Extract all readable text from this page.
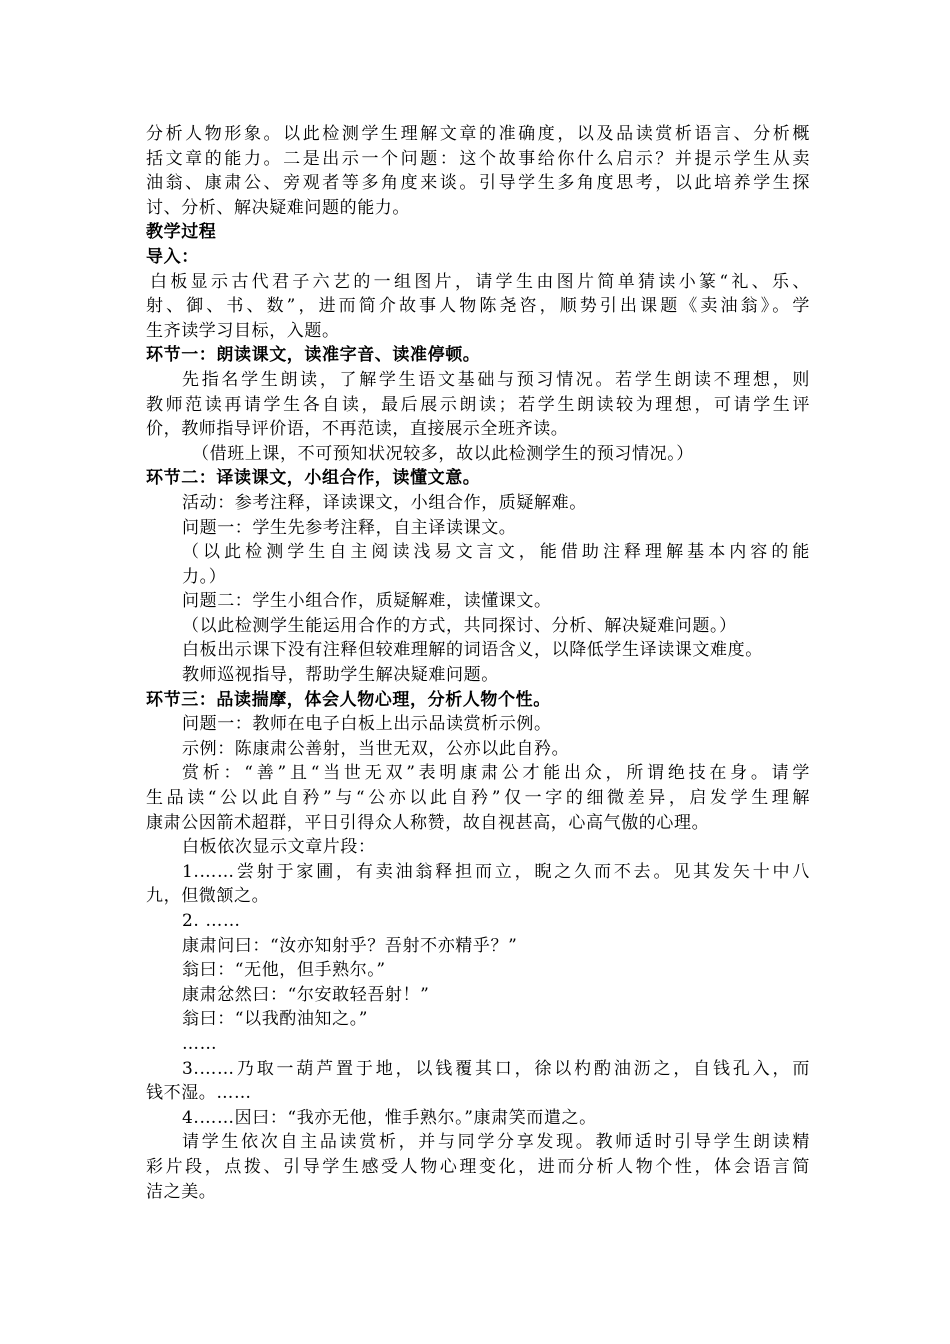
分析人物形象。以此检测学生理解文章的准确度，以及品读赏析语言、分析概
括文章的能力。二是出示一个问题：这个故事给你什么启示？并提示学生从卖
油翁、康肃公、旁观者等多角度来谈。引导学生多角度思考，以此培养学生探
讨、分析、解决疑难问题的能力。
教学过程
导入：
白板显示古代君子六艺的一组图片，请学生由图片简单猜读小篆“礼、乐、
射、御、书、数”，进而简介故事人物陈尧咨，顺势引出课题《卖油翁》。学
生齐读学习目标，入题。
环节一：朗读课文，读准字音、读准停顿。
先指名学生朗读，了解学生语文基础与预习情况。若学生朗读不理想，则
教师范读再请学生各自读，最后展示朗读；若学生朗读较为理想，可请学生评
价，教师指导评价语，不再范读，直接展示全班齐读。
（借班上课，不可预知状况较多，故以此检测学生的预习情况。）
环节二：译读课文，小组合作，读懂文意。
活动：参考注释，译读课文，小组合作，质疑解难。
问题一：学生先参考注释，自主译读课文。
（以此检测学生自主阅读浅易文言文，能借助注释理解基本内容的能
力。）
问题二：学生小组合作，质疑解难，读懂课文。
（以此检测学生能运用合作的方式，共同探讨、分析、解决疑难问题。）
白板出示课下没有注释但较难理解的词语含义，以降低学生译读课文难度。
教师巡视指导，帮助学生解决疑难问题。
环节三：品读揣摩，体会人物心理，分析人物个性。
问题一：教师在电子白板上出示品读赏析示例。
示例：陈康肃公善射，当世无双，公亦以此自矜。
赏析：“善”且“当世无双”表明康肃公才能出众，所谓绝技在身。请学
生品读“公以此自矜”与“公亦以此自矜”仅一字的细微差异，启发学生理解
康肃公因箭术超群，平日引得众人称赞，故自视甚高，心高气傲的心理。
白板依次显示文章片段：
1.……尝射于家圃，有卖油翁释担而立，睨之久而不去。见其发矢十中八
九，但微颔之。
2. ……
康肃问曰：“汝亦知射乎？吾射不亦精乎？”
翁曰：“无他，但手熟尔。”
康肃忿然曰：“尔安敢轻吾射！”
翁曰：“以我酌油知之。”
……
3.……乃取一葫芦置于地，以钱覆其口，徐以杓酌油沥之，自钱孔入，而
钱不湿。……
4.……因曰：“我亦无他，惟手熟尔。”康肃笑而遣之。
请学生依次自主品读赏析，并与同学分享发现。教师适时引导学生朗读精
彩片段，点拨、引导学生感受人物心理变化，进而分析人物个性，体会语言简
洁之美。
